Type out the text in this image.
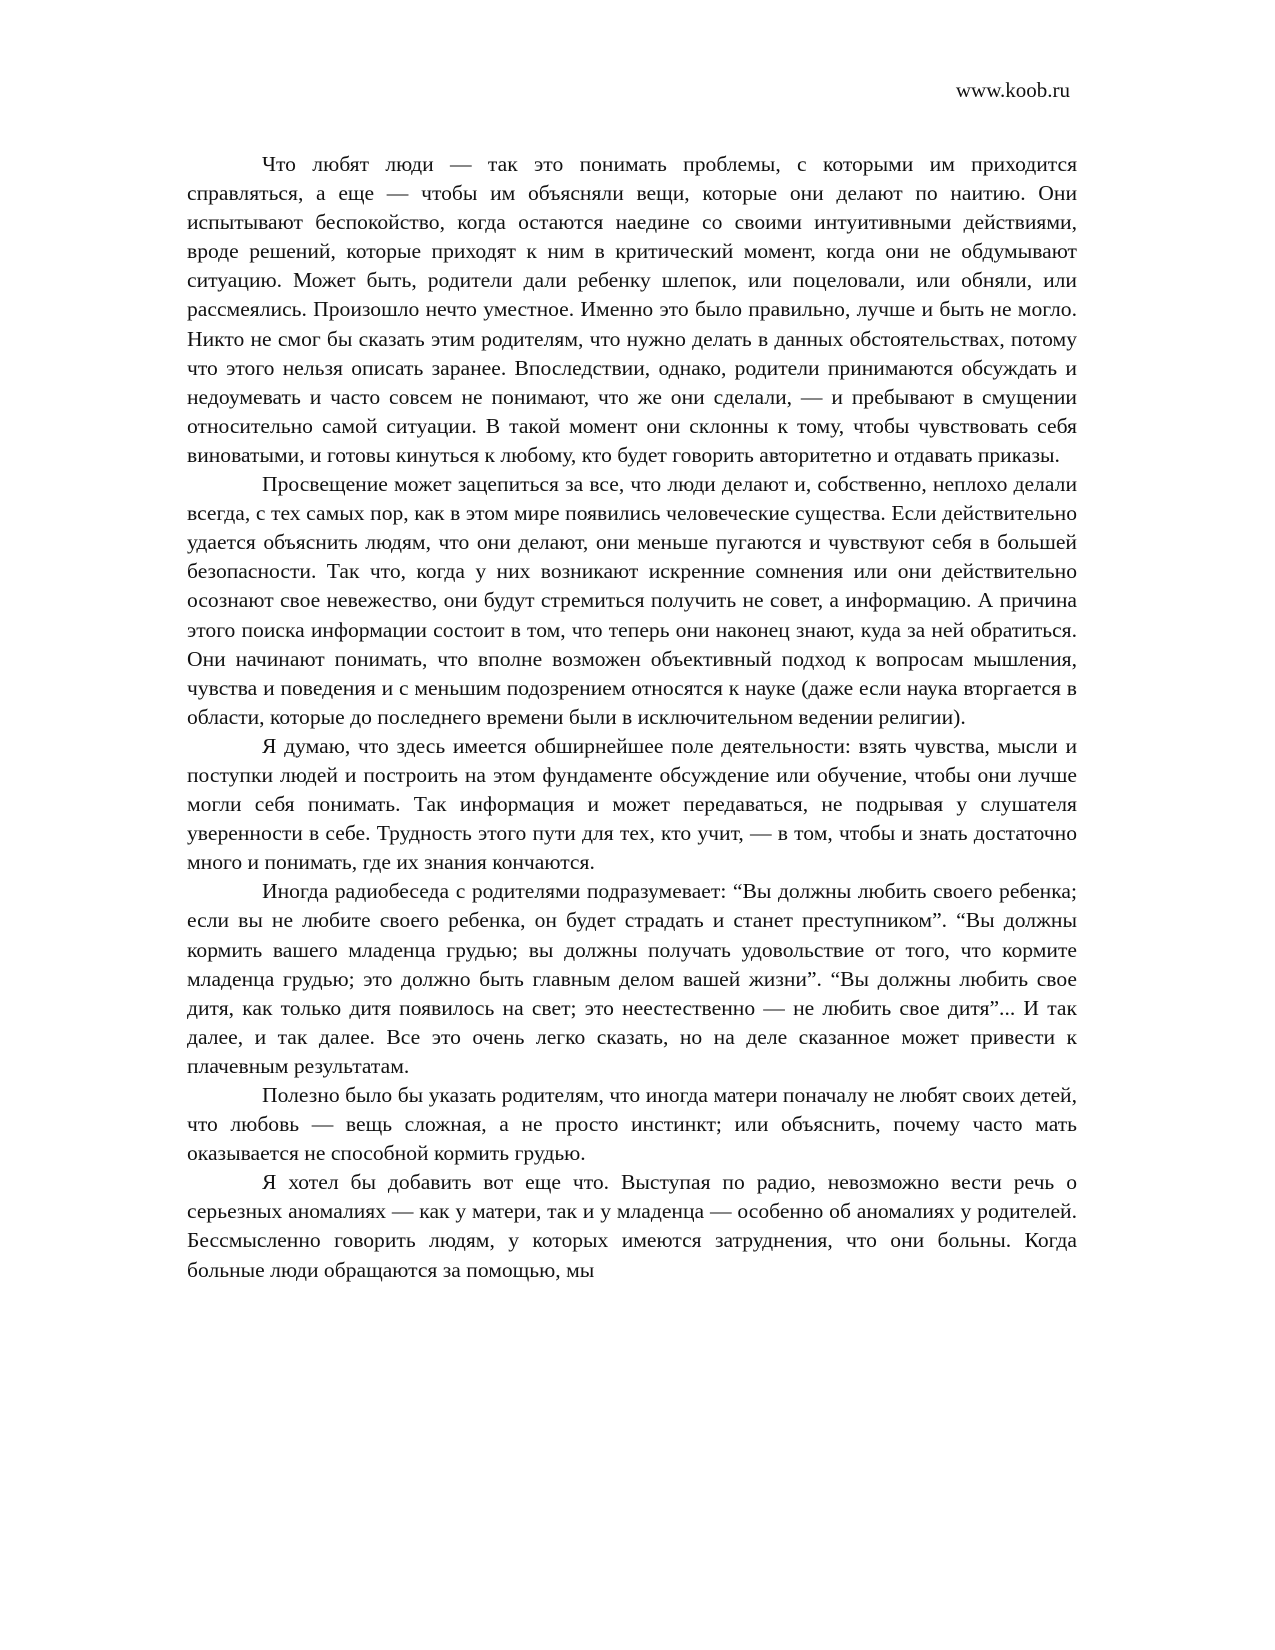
www.koob.ru

Что любят люди — так это понимать проблемы, с которыми им приходится справляться, а еще — чтобы им объясняли вещи, которые они делают по наитию. Они испытывают беспокойство, когда остаются наедине со своими интуитивными действиями, вроде решений, которые приходят к ним в критический момент, когда они не обдумывают ситуацию. Может быть, родители дали ребенку шлепок, или поцеловали, или обняли, или рассмеялись. Произошло нечто уместное. Именно это было правильно, лучше и быть не могло. Никто не смог бы сказать этим родителям, что нужно делать в данных обстоятельствах, потому что этого нельзя описать заранее. Впоследствии, однако, родители принимаются обсуждать и недоумевать и часто совсем не понимают, что же они сделали, — и пребывают в смущении относительно самой ситуации. В такой момент они склонны к тому, чтобы чувствовать себя виноватыми, и готовы кинуться к любому, кто будет говорить авторитетно и отдавать приказы.

Просвещение может зацепиться за все, что люди делают и, собственно, неплохо делали всегда, с тех самых пор, как в этом мире появились человеческие существа. Если действительно удается объяснить людям, что они делают, они меньше пугаются и чувствуют себя в большей безопасности. Так что, когда у них возникают искренние сомнения или они действительно осознают свое невежество, они будут стремиться получить не совет, а информацию. А причина этого поиска информации состоит в том, что теперь они наконец знают, куда за ней обратиться. Они начинают понимать, что вполне возможен объективный подход к вопросам мышления, чувства и поведения и с меньшим подозрением относятся к науке (даже если наука вторгается в области, которые до последнего времени были в исключительном ведении религии).

Я думаю, что здесь имеется обширнейшее поле деятельности: взять чувства, мысли и поступки людей и построить на этом фундаменте обсуждение или обучение, чтобы они лучше могли себя понимать. Так информация и может передаваться, не подрывая у слушателя уверенности в себе. Трудность этого пути для тех, кто учит, — в том, чтобы и знать достаточно много и понимать, где их знания кончаются.

Иногда радиобеседа с родителями подразумевает: “Вы должны любить своего ребенка; если вы не любите своего ребенка, он будет страдать и станет преступником”. “Вы должны кормить вашего младенца грудью; вы должны получать удовольствие от того, что кормите младенца грудью; это должно быть главным делом вашей жизни”. “Вы должны любить свое дитя, как только дитя появилось на свет; это неестественно — не любить свое дитя”... И так далее, и так далее. Все это очень легко сказать, но на деле сказанное может привести к плачевным результатам.

Полезно было бы указать родителям, что иногда матери поначалу не любят своих детей, что любовь — вещь сложная, а не просто инстинкт; или объяснить, почему часто мать оказывается не способной кормить грудью.

Я хотел бы добавить вот еще что. Выступая по радио, невозможно вести речь о серьезных аномалиях — как у матери, так и у младенца — особенно об аномалиях у родителей. Бессмысленно говорить людям, у которых имеются затруднения, что они больны. Когда больные люди обращаются за помощью, мы
